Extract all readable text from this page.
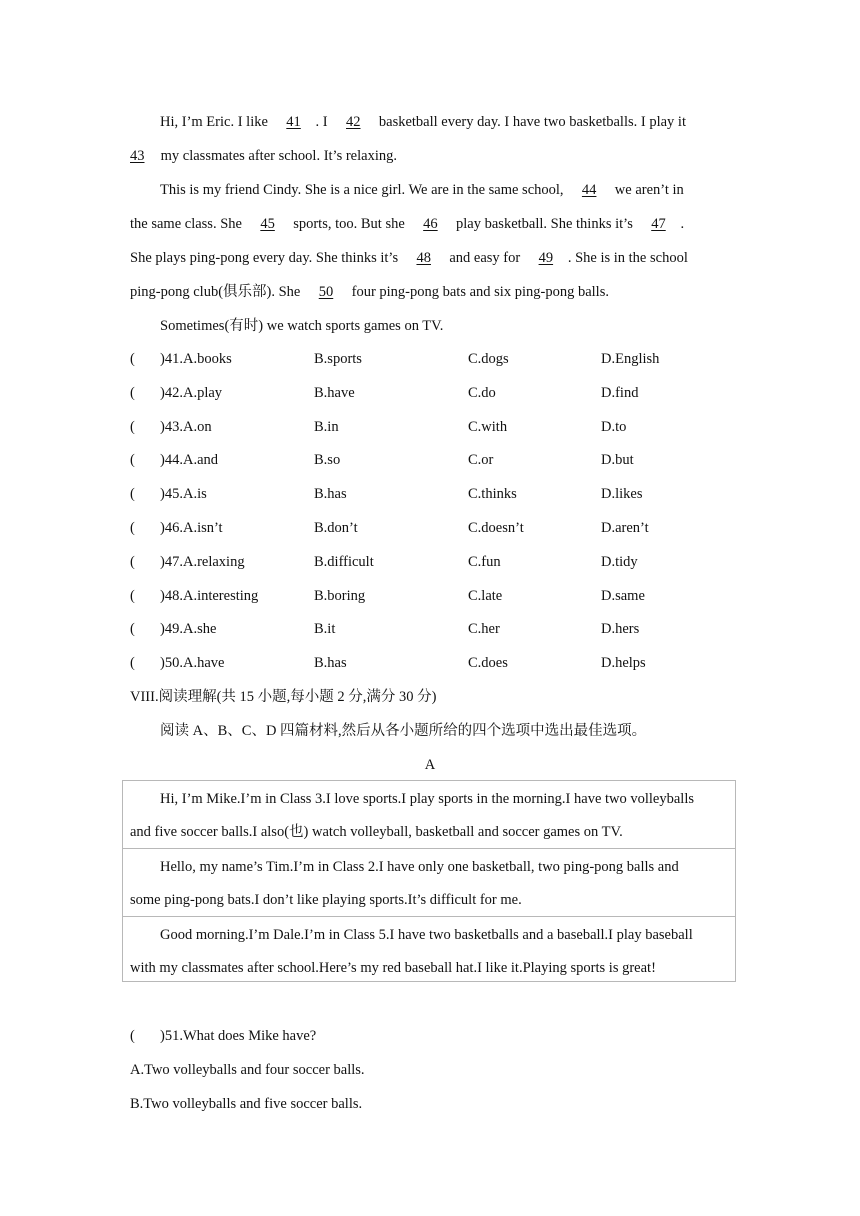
Hi, I’m Eric. I like 41 . I 42 basketball every day. I have two basketballs. I play it
43 my classmates after school. It’s relaxing.
This is my friend Cindy. She is a nice girl. We are in the same school, 44 we aren’t in
the same class. She 45 sports, too. But she 46 play basketball. She thinks it’s 47 .
She plays ping-pong every day. She thinks it’s 48 and easy for 49 . She is in the school
ping-pong club(俱乐部). She 50 four ping-pong bats and six ping-pong balls.
Sometimes(有时) we watch sports games on TV.
( )41.A.books	B.sports	C.dogs	D.English
( )42.A.play	B.have	C.do	D.find
( )43.A.on	B.in	C.with	D.to
( )44.A.and	B.so	C.or	D.but
( )45.A.is	B.has	C.thinks	D.likes
( )46.A.isn’t	B.don’t	C.doesn’t	D.aren’t
( )47.A.relaxing	B.difficult	C.fun	D.tidy
( )48.A.interesting	B.boring	C.late	D.same
( )49.A.she	B.it	C.her	D.hers
( )50.A.have	B.has	C.does	D.helps
VIII.阅读理解(共 15 小题,每小题 2 分,满分 30 分)
阅读 A、B、C、D 四篇材料,然后从各小题所给的四个选项中选出最佳选项。
A
Hi, I’m Mike.I’m in Class 3.I love sports.I play sports in the morning.I have two volleyballs
and five soccer balls.I also(也) watch volleyball, basketball and soccer games on TV.
Hello, my name’s Tim.I’m in Class 2.I have only one basketball, two ping-pong balls and
some ping-pong bats.I don’t like playing sports.It’s difficult for me.
Good morning.I’m Dale.I’m in Class 5.I have two basketballs and a baseball.I play baseball
with my classmates after school.Here’s my red baseball hat.I like it.Playing sports is great!
( )51.What does Mike have?
A.Two volleyballs and four soccer balls.
B.Two volleyballs and five soccer balls.
